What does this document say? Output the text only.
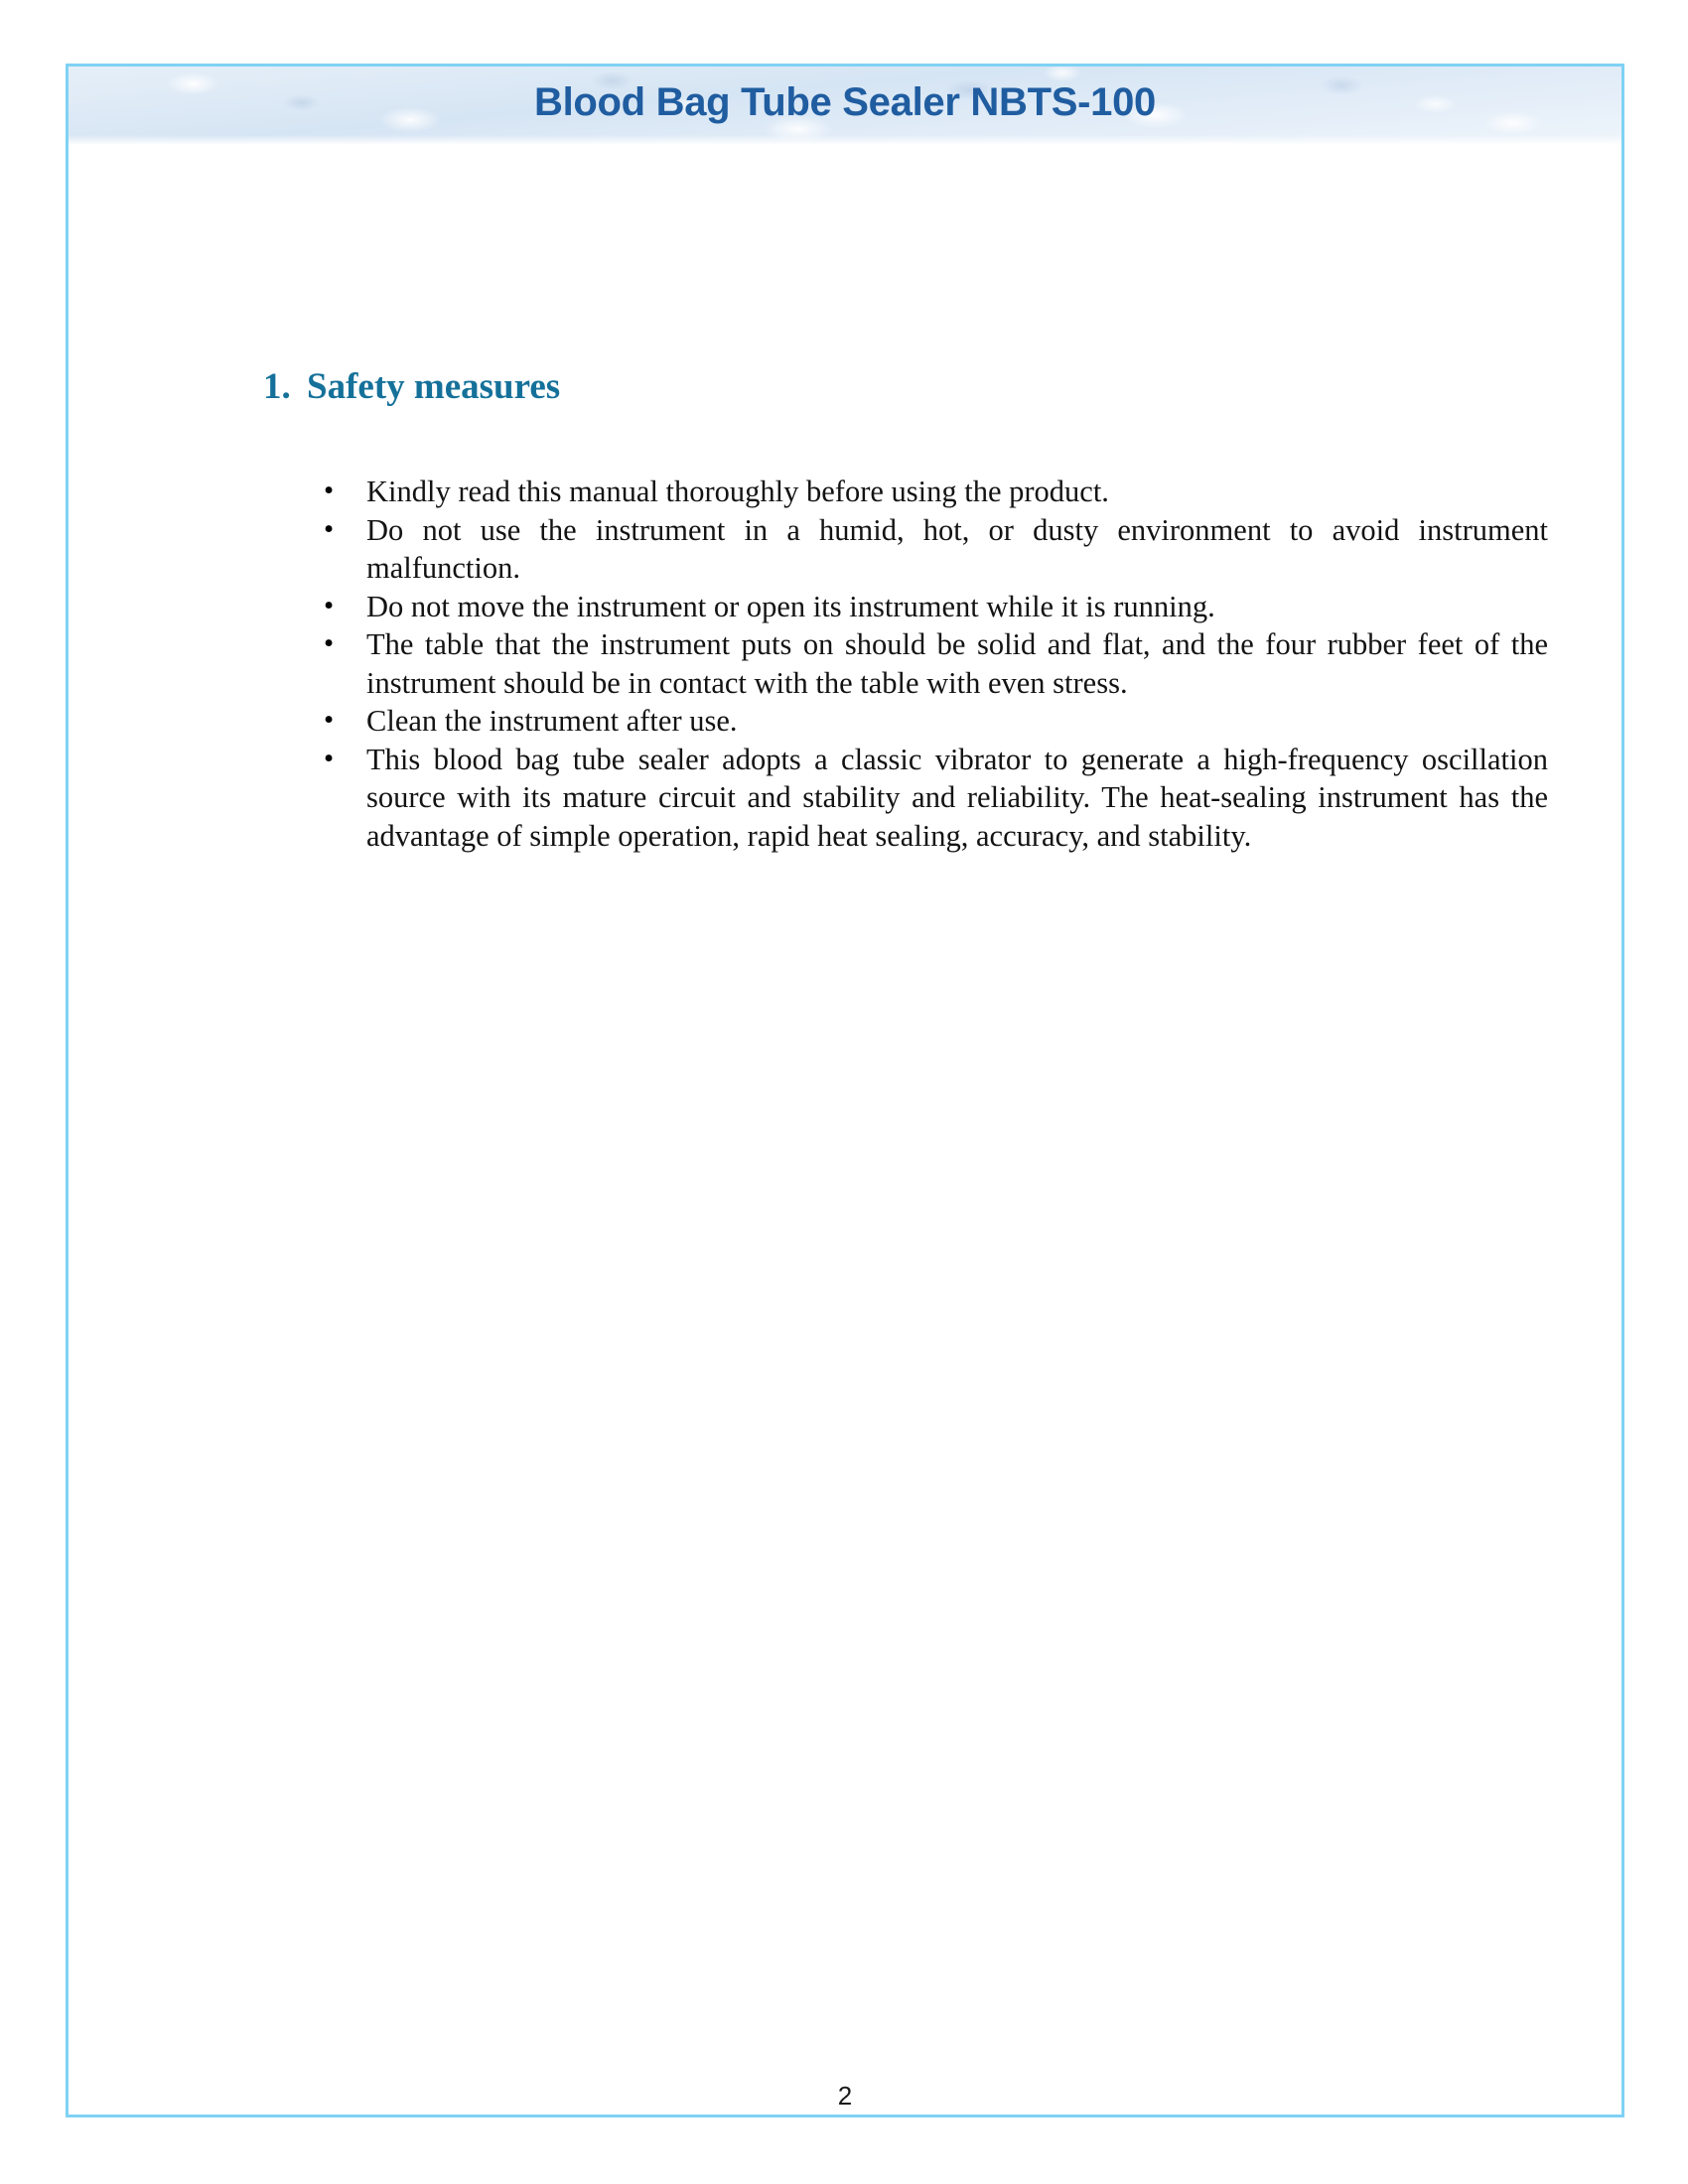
Blood Bag Tube Sealer NBTS-100
1. Safety measures
• Kindly read this manual thoroughly before using the product.
• Do not use the instrument in a humid, hot, or dusty environment to avoid instrument malfunction.
• Do not move the instrument or open its instrument while it is running.
• The table that the instrument puts on should be solid and flat, and the four rubber feet of the instrument should be in contact with the table with even stress.
• Clean the instrument after use.
• This blood bag tube sealer adopts a classic vibrator to generate a high-frequency oscillation source with its mature circuit and stability and reliability. The heat-sealing instrument has the advantage of simple operation, rapid heat sealing, accuracy, and stability.
2
